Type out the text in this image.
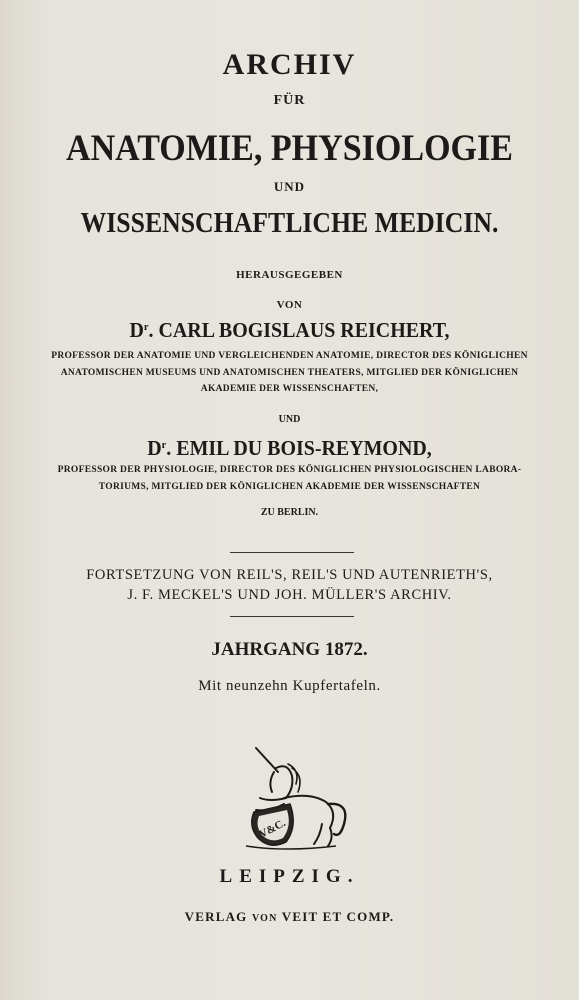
ARCHIV

FÜR

ANATOMIE, PHYSIOLOGIE

UND

WISSENSCHAFTLICHE MEDICIN.

HERAUSGEGEBEN

VON

$D^r$. CARL BOGISLAUS REICHERT,

PROFESSOR DER ANATOMIE UND VERGLEICHENDEN ANATOMIE, DIRECTOR DES KÖNIGLICHEN

ANATOMISCHEN MUSEUMS UND ANATOMISCHEN THEATERS, MITGLIED DER KÖNIGLICHEN

AKADEMIE DER WISSENSCHAFTEN,

UND

$D^r$. EMIL DU BOIS-REYMOND,

PROFESSOR DER PHYSIOLOGIE, DIRECTOR DES KÖNIGLICHEN PHYSIOLOGISCHEN LABORA-

TORIUMS, MITGLIED DER KÖNIGLICHEN AKADEMIE DER WISSENSCHAFTEN

ZU BERLIN.

FORTSETZUNG VON REIL'S, REIL'S UND AUTENRIETH'S,

J. F. MECKEL'S UND JOH. MÜLLER'S ARCHIV.

JAHRGANG 1872.

Mit neunzehn Kupfertafeln.

V&C.

LEIPZIG.

VERLAG VON VEIT ET COMP.
